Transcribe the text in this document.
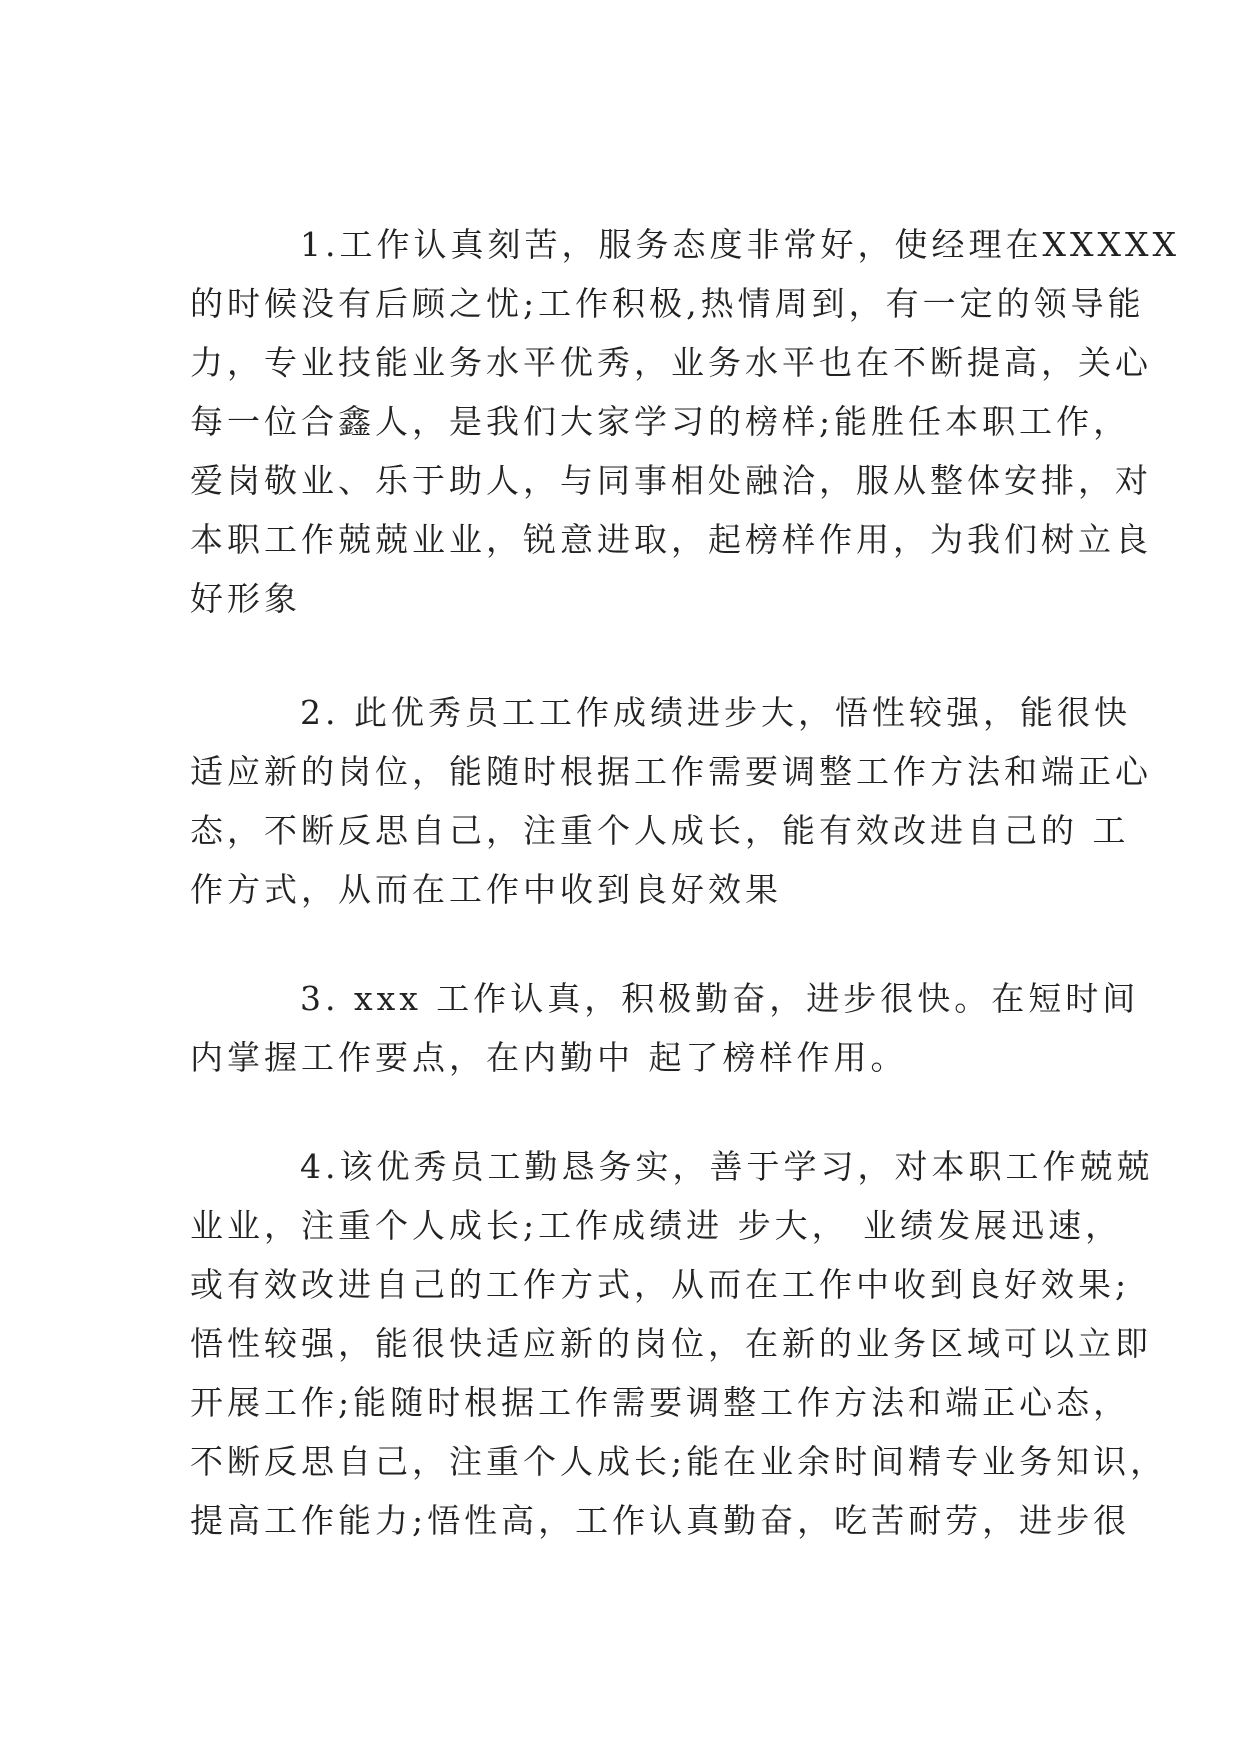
1.工作认真刻苦，服务态度非常好，使经理在XXXXX
的时候没有后顾之忧;工作积极,热情周到，有一定的领导能
力，专业技能业务水平优秀，业务水平也在不断提高，关心
每一位合鑫人，是我们大家学习的榜样;能胜任本职工作，
爱岗敬业、乐于助人，与同事相处融洽，服从整体安排，对
本职工作兢兢业业，锐意进取，起榜样作用，为我们树立良
好形象
2. 此优秀员工工作成绩进步大，悟性较强，能很快
适应新的岗位，能随时根据工作需要调整工作方法和端正心
态，不断反思自己，注重个人成长，能有效改进自己的 工
作方式，从而在工作中收到良好效果
3. xxx 工作认真，积极勤奋，进步很快。在短时间
内掌握工作要点，在内勤中 起了榜样作用。
4.该优秀员工勤恳务实，善于学习，对本职工作兢兢
业业，注重个人成长;工作成绩进 步大， 业绩发展迅速，
或有效改进自己的工作方式，从而在工作中收到良好效果;
悟性较强，能很快适应新的岗位，在新的业务区域可以立即
开展工作;能随时根据工作需要调整工作方法和端正心态，
不断反思自己，注重个人成长;能在业余时间精专业务知识，
提高工作能力;悟性高，工作认真勤奋，吃苦耐劳，进步很
